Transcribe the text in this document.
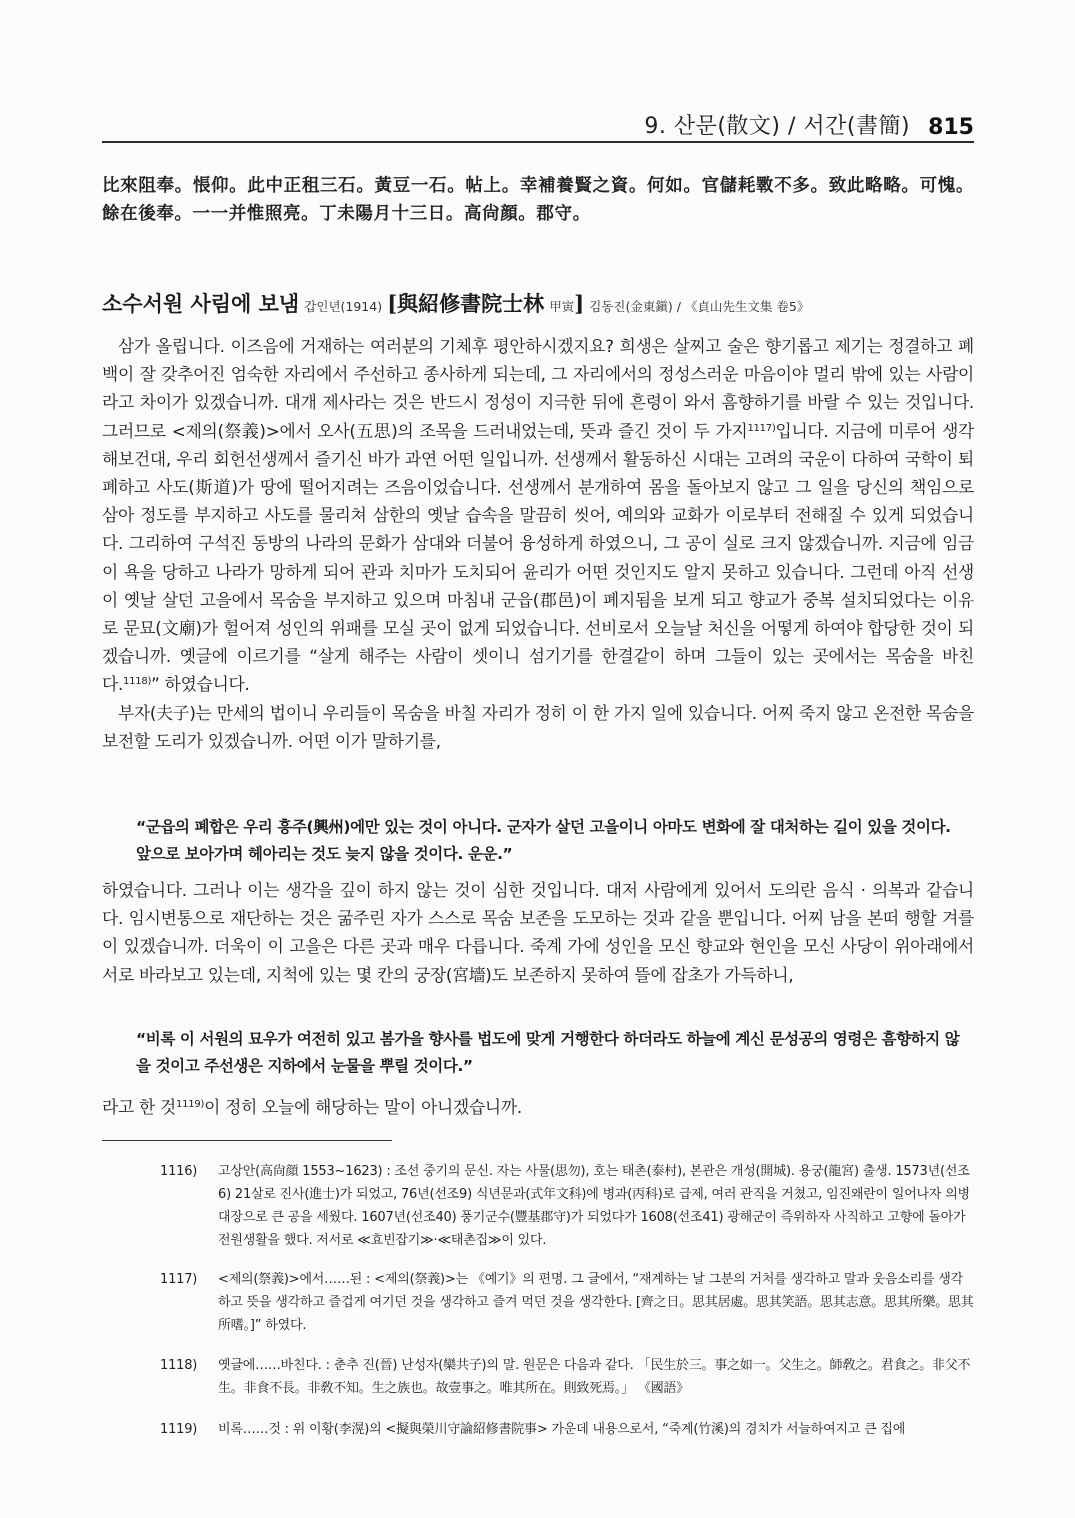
9. 산문(散文) / 서간(書簡) 815
比來阻奉。悵仰。此中正租三石。黃豆一石。帖上。幸補養賢之資。何如。官儲耗斁不多。致此略略。可愧。餘在後奉。一一并惟照亮。丁未陽月十三日。高尙顔。郡守。
소수서원 사림에 보냄 갑인년(1914) [與紹修書院士林 甲寅] 김동진(金東鎭) / 《貞山先生文集 卷5》

삼가 올립니다. 이즈음에 거재하는 여러분의 기체후 평안하시겠지요? 희생은 살찌고 술은 향기롭고 제기는 정결하고 폐백이 잘 갖추어진 엄숙한 자리에서 주선하고 종사하게 되는데, 그 자리에서의 정성스러운 마음이야 멀리 밖에 있는 사람이라고 차이가 있겠습니까. 대개 제사라는 것은 반드시 정성이 지극한 뒤에 흔령이 와서 흠향하기를 바랄 수 있는 것입니다. 그러므로 <제의(祭義)>에서 오사(五思)의 조목을 드러내었는데, 뜻과 즐긴 것이 두 가지$^{1117)}$입니다. 지금에 미루어 생각해보건대, 우리 회헌선생께서 즐기신 바가 과연 어떤 일입니까. 선생께서 활동하신 시대는 고려의 국운이 다하여 국학이 퇴폐하고 사도(斯道)가 땅에 떨어지려는 즈음이었습니다. 선생께서 분개하여 몸을 돌아보지 않고 그 일을 당신의 책임으로 삼아 정도를 부지하고 사도를 물리쳐 삼한의 옛날 습속을 말끔히 씻어, 예의와 교화가 이로부터 전해질 수 있게 되었습니다. 그리하여 구석진 동방의 나라의 문화가 삼대와 더불어 융성하게 하였으니, 그 공이 실로 크지 않겠습니까. 지금에 임금이 욕을 당하고 나라가 망하게 되어 관과 치마가 도치되어 윤리가 어떤 것인지도 알지 못하고 있습니다. 그런데 아직 선생이 옛날 살던 고을에서 목숨을 부지하고 있으며 마침내 군읍(郡邑)이 폐지됨을 보게 되고 향교가 중복 설치되었다는 이유로 문묘(文廟)가 헐어져 성인의 위패를 모실 곳이 없게 되었습니다. 선비로서 오늘날 처신을 어떻게 하여야 합당한 것이 되겠습니까. 옛글에 이르기를 “살게 해주는 사람이 셋이니 섬기기를 한결같이 하며 그들이 있는 곳에서는 목숨을 바친다.$^{1118)}$” 하였습니다.

부자(夫子)는 만세의 법이니 우리들이 목숨을 바칠 자리가 정히 이 한 가지 일에 있습니다. 어찌 죽지 않고 온전한 목숨을 보전할 도리가 있겠습니까. 어떤 이가 말하기를,

“군읍의 폐합은 우리 흥주(興州)에만 있는 것이 아니다. 군자가 살던 고을이니 아마도 변화에 잘 대처하는 길이 있을 것이다. 앞으로 보아가며 헤아리는 것도 늦지 않을 것이다. 운운.”

하였습니다. 그러나 이는 생각을 깊이 하지 않는 것이 심한 것입니다. 대저 사람에게 있어서 도의란 음식 · 의복과 같습니다. 임시변통으로 재단하는 것은 굶주린 자가 스스로 목숨 보존을 도모하는 것과 같을 뿐입니다. 어찌 남을 본떠 행할 겨를이 있겠습니까. 더욱이 이 고을은 다른 곳과 매우 다릅니다. 죽계 가에 성인을 모신 향교와 현인을 모신 사당이 위아래에서 서로 바라보고 있는데, 지척에 있는 몇 칸의 궁장(宮墻)도 보존하지 못하여 뜰에 잡초가 가득하니,

“비록 이 서원의 묘우가 여전히 있고 봄가을 향사를 법도에 맞게 거행한다 하더라도 하늘에 계신 문성공의 영령은 흠향하지 않을 것이고 주선생은 지하에서 눈물을 뿌릴 것이다.”

라고 한 것$^{1119)}$이 정히 오늘에 해당하는 말이 아니겠습니까.

1116) 고상안(高尙顔 1553~1623) : 조선 중기의 문신. 자는 사물(思勿), 호는 태촌(泰村), 본관은 개성(開城). 용궁(龍宮) 출생. 1573년(선조 6) 21살로 진사(進士)가 되었고, 76년(선조9) 식년문과(式年文科)에 병과(丙科)로 급제, 여러 관직을 거쳤고, 임진왜란이 일어나자 의병대장으로 큰 공을 세웠다. 1607년(선조40) 풍기군수(豐基郡守)가 되었다가 1608(선조41) 광해군이 즉위하자 사직하고 고향에 돌아가 전원생활을 했다. 저서로 ≪효빈잡기≫·≪태촌집≫이 있다.
1117) <제의(祭義)>에서……된 : <제의(祭義)>는 《예기》의 편명. 그 글에서, “재계하는 날 그분의 거처를 생각하고 말과 웃음소리를 생각하고 뜻을 생각하고 즐겁게 여기던 것을 생각하고 즐겨 먹던 것을 생각한다. [齊之日。思其居處。思其笑語。思其志意。思其所樂。思其所嗜。]” 하였다.
1118) 옛글에……바친다. : 춘추 진(晉) 난성자(欒共子)의 말. 원문은 다음과 같다. 「民生於三。事之如一。父生之。師敎之。君食之。非父不生。非食不長。非敎不知。生之族也。故壹事之。唯其所在。則致死焉。」 《國語》
1119) 비록……것 : 위 이황(李滉)의 <擬與榮川守論紹修書院事> 가운데 내용으로서, “죽계(竹溪)의 경치가 서늘하여지고 큰 집에
